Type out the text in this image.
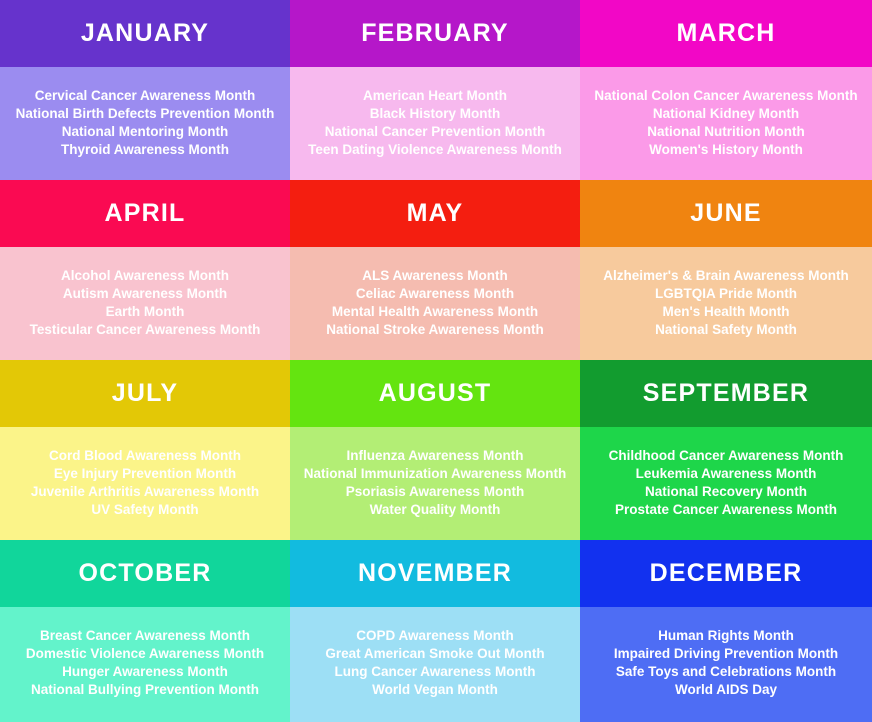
JANUARY
Cervical Cancer Awareness Month
National Birth Defects Prevention Month
National Mentoring Month
Thyroid Awareness Month
FEBRUARY
American Heart Month
Black History Month
National Cancer Prevention Month
Teen Dating Violence Awareness Month
MARCH
National Colon Cancer Awareness Month
National Kidney Month
National Nutrition Month
Women's History Month
APRIL
Alcohol Awareness Month
Autism Awareness Month
Earth Month
Testicular Cancer Awareness Month
MAY
ALS Awareness Month
Celiac Awareness Month
Mental Health Awareness Month
National Stroke Awareness Month
JUNE
Alzheimer's & Brain Awareness Month
LGBTQIA Pride Month
Men's Health Month
National Safety Month
JULY
Cord Blood Awareness Month
Eye Injury Prevention Month
Juvenile Arthritis Awareness Month
UV Safety Month
AUGUST
Influenza Awareness Month
National Immunization Awareness Month
Psoriasis Awareness Month
Water Quality Month
SEPTEMBER
Childhood Cancer Awareness Month
Leukemia Awareness Month
National Recovery Month
Prostate Cancer Awareness Month
OCTOBER
Breast Cancer Awareness Month
Domestic Violence Awareness Month
Hunger Awareness Month
National Bullying Prevention Month
NOVEMBER
COPD Awareness Month
Great American Smoke Out Month
Lung Cancer Awareness Month
World Vegan Month
DECEMBER
Human Rights Month
Impaired Driving Prevention Month
Safe Toys and Celebrations Month
World AIDS Day
